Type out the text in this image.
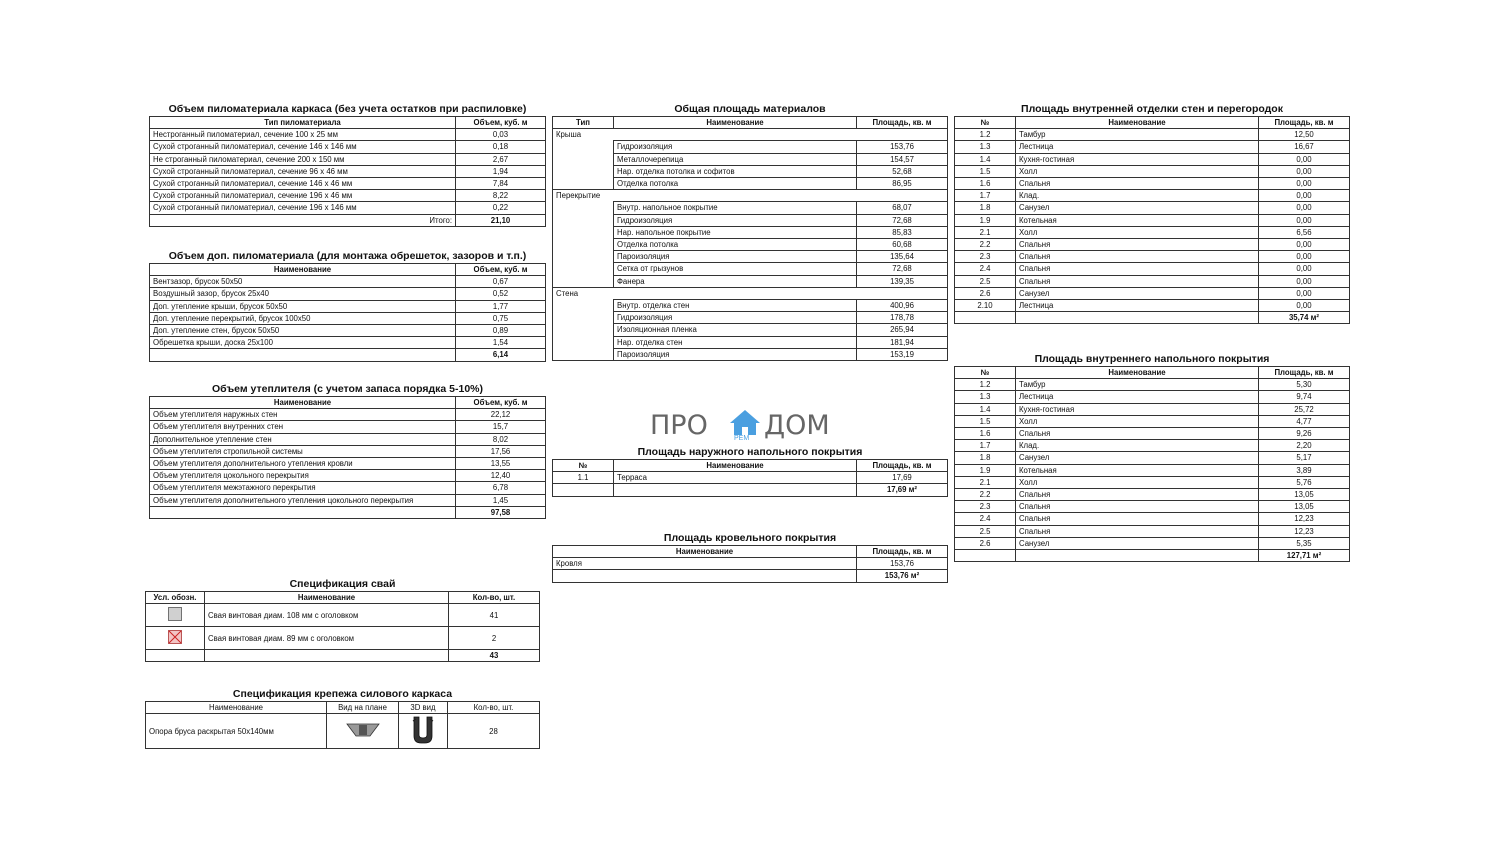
Объем пиломатериала каркаса (без учета остатков при распиловке)
Тип пиломатериала	Объем, куб. м
Нестроганный пиломатериал, сечение 100 х 25 мм	0,03
Сухой строганный пиломатериал, сечение 146 х 146 мм	0,18
Не строганный пиломатериал, сечение 200 х 150 мм	2,67
Сухой строганный пиломатериал, сечение 96 х 46 мм	1,94
Сухой строганный пиломатериал, сечение 146 х 46 мм	7,84
Сухой строганный пиломатериал, сечение 196 х 46 мм	8,22
Сухой строганный пиломатериал, сечение 196 х 146 мм	0,22
Итого:	21,10
Объем доп. пиломатериала (для монтажа обрешеток, зазоров и т.п.)
Наименование	Объем, куб. м
Вентзазор, брусок 50х50	0,67
Воздушный зазор, брусок 25х40	0,52
Доп. утепление крыши, брусок 50х50	1,77
Доп. утепление перекрытий, брусок 100х50	0,75
Доп. утепление стен, брусок 50х50	0,89
Обрешетка крыши, доска 25х100	1,54
	6,14
Объем утеплителя (с учетом запаса порядка 5-10%)
Наименование	Объем, куб. м
Объем утеплителя наружных стен	22,12
Объем утеплителя внутренних стен	15,7
Дополнительное утепление стен	8,02
Объем утеплителя стропильной системы	17,56
Объем утеплителя дополнительного утепления кровли	13,55
Объем утеплителя цокольного перекрытия	12,40
Объем утеплителя межэтажного перекрытия	6,78
Объем утеплителя дополнительного утепления цокольного перекрытия	1,45
	97,58
Спецификация свай
Усл. обозн.	Наименование	Кол-во, шт.
	Свая винтовая диам. 108 мм с оголовком	41
	Свая винтовая диам. 89 мм с оголовком	2
		43
Спецификация крепежа силового каркаса
Наименование	Вид на плане	3D вид	Кол-во, шт.
Опора бруса раскрытая 50х140мм			28
Общая площадь материалов
Тип	Наименование	Площадь, кв. м
Крыша		
	Гидроизоляция	153,76
	Металлочерепица	154,57
	Нар. отделка потолка и софитов	52,68
	Отделка потолка	86,95
Перекрытие		
	Внутр. напольное покрытие	68,07
	Гидроизоляция	72,68
	Нар. напольное покрытие	85,83
	Отделка потолка	60,68
	Пароизоляция	135,64
	Сетка от грызунов	72,68
	Фанера	139,35
Стена		
	Внутр. отделка стен	400,96
	Гидроизоляция	178,78
	Изоляционная пленка	265,94
	Нар. отделка стен	181,94
	Пароизоляция	153,19
ПРО ДОМ
РЕМ
Площадь наружного напольного покрытия
№	Наименование	Площадь, кв. м
1.1	Терраса	17,69
		17,69 м²
Площадь кровельного покрытия
Наименование	Площадь, кв. м
Кровля	153,76
	153,76 м²
Площадь внутренней отделки стен и перегородок
№	Наименование	Площадь, кв. м
1.2	Тамбур	12,50
1.3	Лестница	16,67
1.4	Кухня-гостиная	0,00
1.5	Холл	0,00
1.6	Спальня	0,00
1.7	Клад.	0,00
1.8	Санузел	0,00
1.9	Котельная	0,00
2.1	Холл	6,56
2.2	Спальня	0,00
2.3	Спальня	0,00
2.4	Спальня	0,00
2.5	Спальня	0,00
2.6	Санузел	0,00
2.10	Лестница	0,00
		35,74 м²
Площадь внутреннего напольного покрытия
№	Наименование	Площадь, кв. м
1.2	Тамбур	5,30
1.3	Лестница	9,74
1.4	Кухня-гостиная	25,72
1.5	Холл	4,77
1.6	Спальня	9,26
1.7	Клад.	2,20
1.8	Санузел	5,17
1.9	Котельная	3,89
2.1	Холл	5,76
2.2	Спальня	13,05
2.3	Спальня	13,05
2.4	Спальня	12,23
2.5	Спальня	12,23
2.6	Санузел	5,35
		127,71 м²
